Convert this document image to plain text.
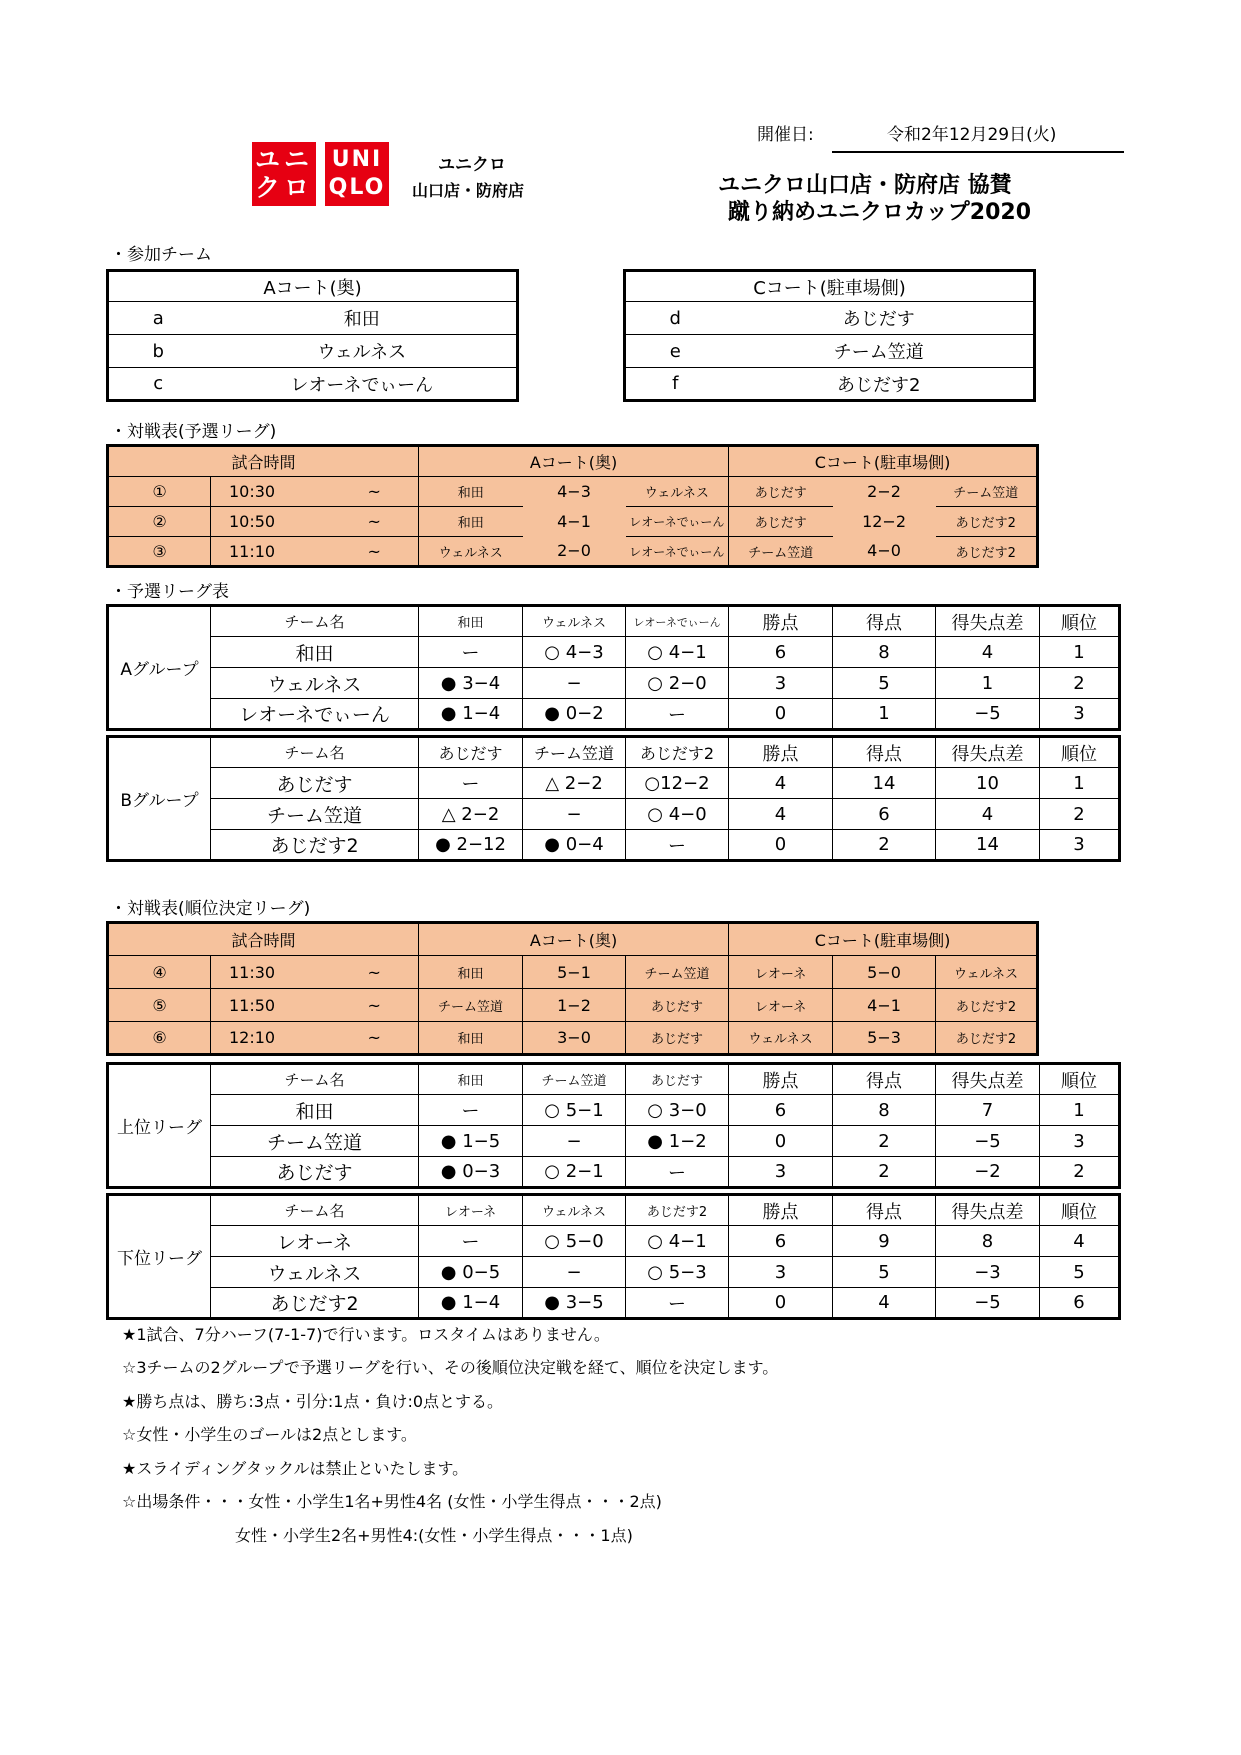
開催日:	令和2年12月29日(火)
ユニ
クロ
UNI
QLO
ユニクロ
山口店・防府店	ユニクロ山口店・防府店 協賛
蹴り納めユニクロカップ2020
・参加チーム
Aコート(奥)	
a	和田
b	ウェルネス
c	レオーネでぃーん
Cコート(駐車場側)	
d	あじだす
e	チーム笠道
f	あじだす2
・対戦表(予選リーグ)
試合時間			Aコート(奥)			Cコート(駐車場側)		
①	10:30	~	和田	4−3	ウェルネス	あじだす	2−2	チーム笠道
②	10:50	~	和田	4−1	レオーネでぃーん	あじだす	12−2	あじだす2
③	11:10	~	ウェルネス	2−0	レオーネでぃーん	チーム笠道	4−0	あじだす2
・予選リーグ表
Aグループ	チーム名	和田	ウェルネス	レオーネでぃーん	勝点	得点	得失点差	順位
	和田	ー	○ 4−3	○ 4−1	6	8	4	1
	ウェルネス	● 3−4	−	○ 2−0	3	5	1	2
	レオーネでぃーん	● 1−4	● 0−2	ー	0	1	−5	3
Bグループ	チーム名	あじだす	チーム笠道	あじだす2	勝点	得点	得失点差	順位
	あじだす	ー	△ 2−2	○12−2	4	14	10	1
	チーム笠道	△ 2−2	−	○ 4−0	4	6	4	2
	あじだす2	● 2−12	● 0−4	ー	0	2	14	3
・対戦表(順位決定リーグ)
試合時間			Aコート(奥)			Cコート(駐車場側)		
④	11:30	~	和田	5−1	チーム笠道	レオーネ	5−0	ウェルネス
⑤	11:50	~	チーム笠道	1−2	あじだす	レオーネ	4−1	あじだす2
⑥	12:10	~	和田	3−0	あじだす	ウェルネス	5−3	あじだす2
上位リーグ	チーム名	和田	チーム笠道	あじだす	勝点	得点	得失点差	順位
	和田	ー	○ 5−1	○ 3−0	6	8	7	1
	チーム笠道	● 1−5	−	● 1−2	0	2	−5	3
	あじだす	● 0−3	○ 2−1	ー	3	2	−2	2
下位リーグ	チーム名	レオーネ	ウェルネス	あじだす2	勝点	得点	得失点差	順位
	レオーネ	ー	○ 5−0	○ 4−1	6	9	8	4
	ウェルネス	● 0−5	−	○ 5−3	3	5	−3	5
	あじだす2	● 1−4	● 3−5	ー	0	4	−5	6
★1試合、7分ハーフ(7-1-7)で行います。ロスタイムはありません。
☆3チームの2グループで予選リーグを行い、その後順位決定戦を経て、順位を決定します。
★勝ち点は、勝ち:3点・引分:1点・負け:0点とする。
☆女性・小学生のゴールは2点とします。
★スライディングタックルは禁止といたします。
☆出場条件・・・女性・小学生1名+男性4名 (女性・小学生得点・・・2点)
女性・小学生2名+男性4:(女性・小学生得点・・・1点)
